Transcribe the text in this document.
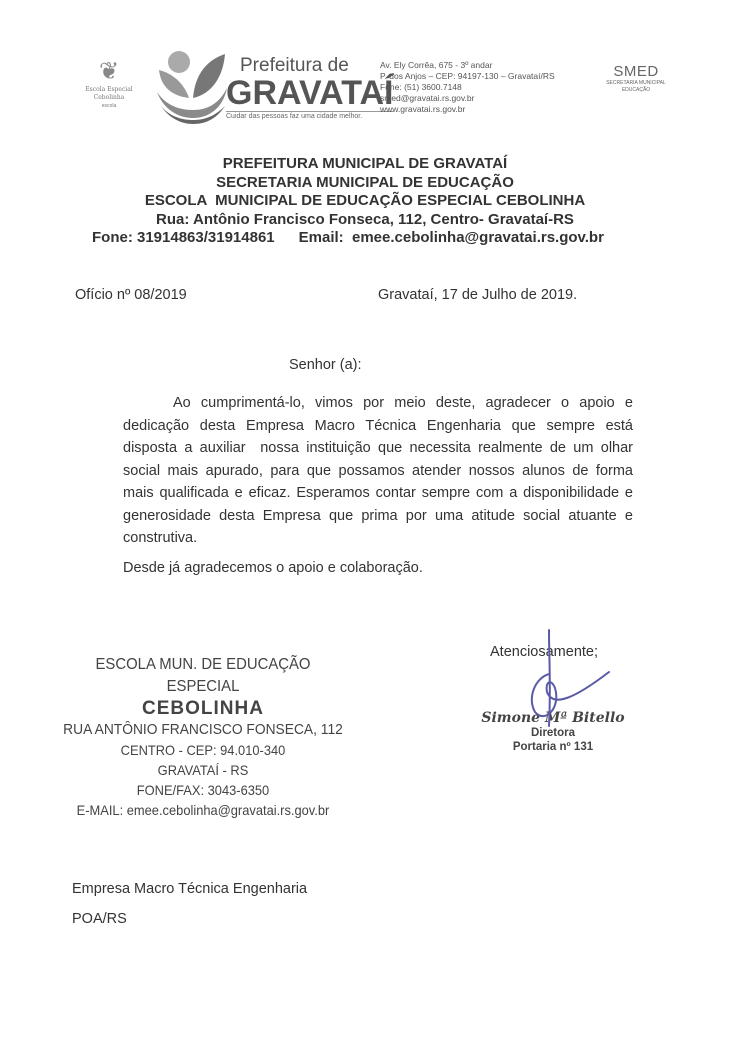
❦
Escola Especial Cebolinha
escola
Prefeitura de
GRAVATAÍ
Cuidar das pessoas faz uma cidade melhor.
Av. Ely Corrêa, 675 - 3º andar
P. dos Anjos – CEP: 94197-130 – Gravataí/RS
Fone: (51) 3600.7148
smed@gravatai.rs.gov.br
www.gravatai.rs.gov.br
SMED
SECRETARIA MUNICIPAL
EDUCAÇÃO
PREFEITURA MUNICIPAL DE GRAVATAÍ
SECRETARIA MUNICIPAL DE EDUCAÇÃO
ESCOLA  MUNICIPAL DE EDUCAÇÃO ESPECIAL CEBOLINHA
Rua: Antônio Francisco Fonseca, 112, Centro- Gravataí-RS
Fone: 31914863/31914861 Email:  emee.cebolinha@gravatai.rs.gov.br
Ofício nº 08/2019	Gravataí, 17 de Julho de 2019.
Senhor (a):

Ao cumprimentá-lo, vimos por meio deste, agradecer o apoio e dedicação desta Empresa Macro Técnica Engenharia que sempre está disposta a auxiliar  nossa instituição que necessita realmente de um olhar social mais apurado, para que possamos atender nossos alunos de forma mais qualificada e eficaz. Esperamos contar sempre com a disponibilidade e generosidade desta Empresa que prima por uma atitude social atuante e construtiva.

Desde já agradecemos o apoio e colaboração.
ESCOLA MUN. DE EDUCAÇÃO ESPECIAL
CEBOLINHA
RUA ANTÔNIO FRANCISCO FONSECA, 112
CENTRO - CEP: 94.010-340
GRAVATAÍ - RS
FONE/FAX: 3043-6350
E-MAIL: emee.cebolinha@gravatai.rs.gov.br
Atenciosamente;
Simone Mª Bitello
Diretora
Portaria nº 131
Empresa Macro Técnica Engenharia
POA/RS
